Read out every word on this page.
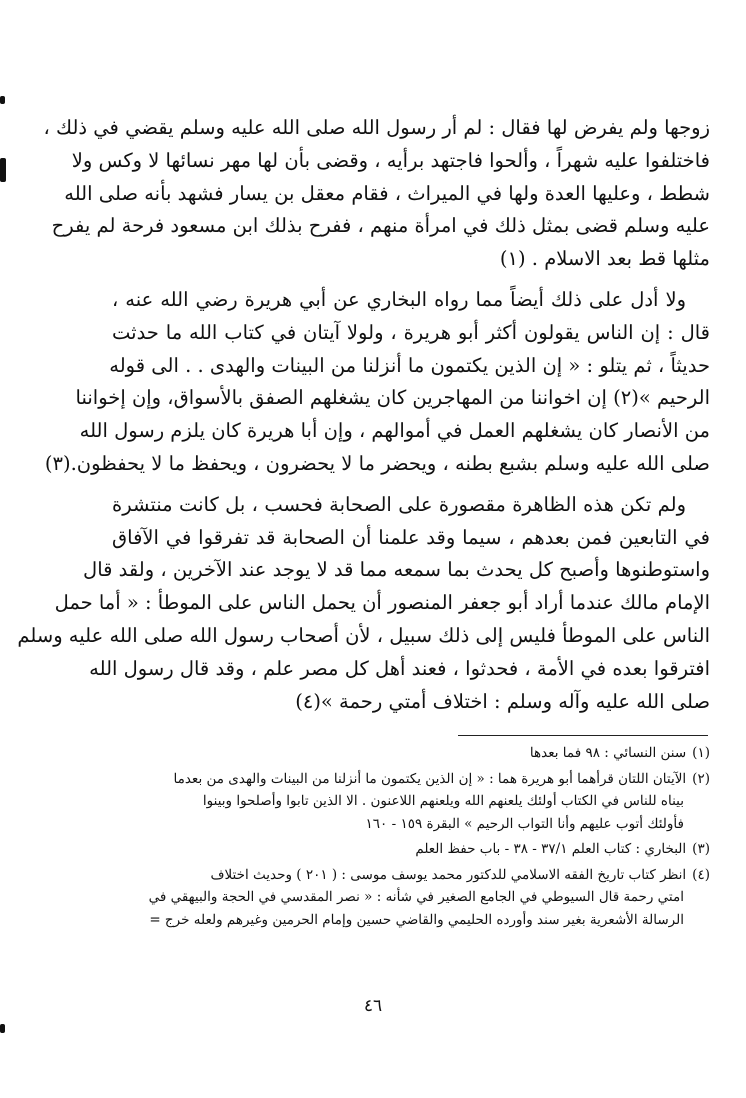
زوجها ولم يفرض لها فقال : لم أر رسول الله صلى الله عليه وسلم يقضي في ذلك ،
فاختلفوا عليه شهراً ، وألحوا فاجتهد برأيه ، وقضى بأن لها مهر نسائها لا وكس ولا
شطط ، وعليها العدة ولها في الميراث ، فقام معقل بن يسار فشهد بأنه صلى الله
عليه وسلم قضى بمثل ذلك في امرأة منهم ، ففرح بذلك ابن مسعود فرحة لم يفرح
مثلها قط بعد الاسلام . (١)

ولا أدل على ذلك أيضاً مما رواه البخاري عن أبي هريرة رضي الله عنه ،
قال : إن الناس يقولون أكثر أبو هريرة ، ولولا آيتان في كتاب الله ما حدثت
حديثاً ، ثم يتلو : « إن الذين يكتمون ما أنزلنا من البينات والهدى . . الى قوله
الرحيم »(٢) إن اخواننا من المهاجرين كان يشغلهم الصفق بالأسواق، وإن إخواننا
من الأنصار كان يشغلهم العمل في أموالهم ، وإن أبا هريرة كان يلزم رسول الله
صلى الله عليه وسلم بشبع بطنه ، ويحضر ما لا يحضرون ، ويحفظ ما لا يحفظون.(٣)

ولم تكن هذه الظاهرة مقصورة على الصحابة فحسب ، بل كانت منتشرة
في التابعين فمن بعدهم ، سيما وقد علمنا أن الصحابة قد تفرقوا في الآفاق
واستوطنوها وأصبح كل يحدث بما سمعه مما قد لا يوجد عند الآخرين ، ولقد قال
الإمام مالك عندما أراد أبو جعفر المنصور أن يحمل الناس على الموطأ : « أما حمل
الناس على الموطأ فليس إلى ذلك سبيل ، لأن أصحاب رسول الله صلى الله عليه وسلم
افترقوا بعده في الأمة ، فحدثوا ، فعند أهل كل مصر علم ، وقد قال رسول الله
صلى الله عليه وآله وسلم : اختلاف أمتي رحمة »(٤)

(١)سنن النسائي : ٩٨ فما بعدها
(٢)الآيتان اللتان قرأهما أبو هريرة هما : « إن الذين يكتمون ما أنزلنا من البينات والهدى من بعدما
بيناه للناس في الكتاب أولئك يلعنهم الله ويلعنهم اللاعنون . الا الذين تابوا وأصلحوا وبينوا
فأولئك أتوب عليهم وأنا التواب الرحيم » البقرة ١٥٩ - ١٦٠
(٣)البخاري : كتاب العلم ٣٧/١ - ٣٨ - باب حفظ العلم
(٤)انظر كتاب تاريخ الفقه الاسلامي للدكتور محمد يوسف موسى : ( ٢٠١ ) وحديث اختلاف
امتي رحمة قال السيوطي في الجامع الصغير في شأنه : « نصر المقدسي في الحجة والبيهقي في
الرسالة الأشعرية بغير سند وأورده الحليمي والقاضي حسين وإمام الحرمين وغيرهم ولعله خرج =
٤٦
